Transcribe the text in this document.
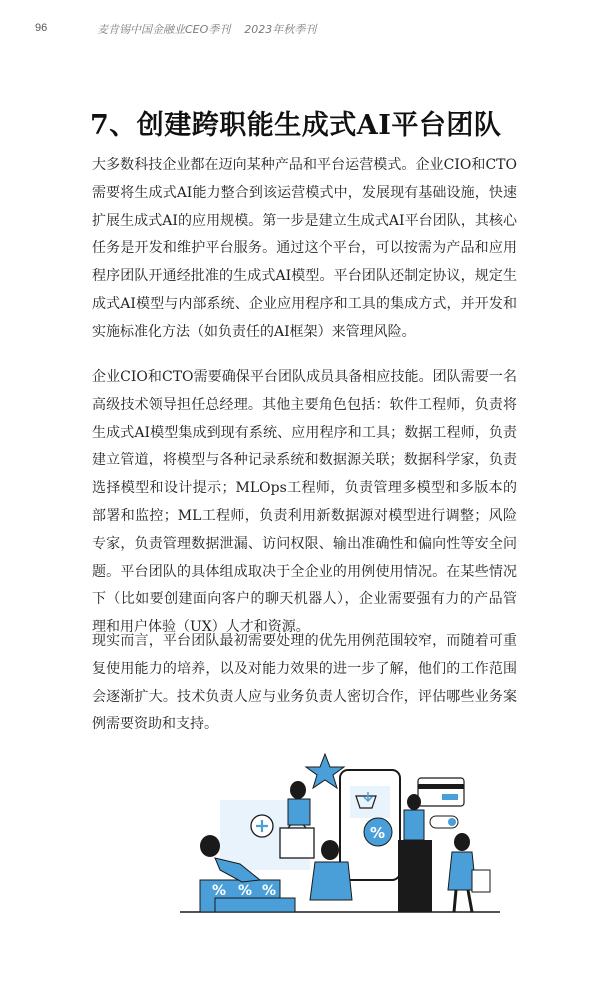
96	麦肯锡中国金融业CEO季刊 2023年秋季刊
7、创建跨职能生成式AI平台团队

大多数科技企业都在迈向某种产品和平台运营模式。企业CIO和CTO需要将生成式AI能力整合到该运营模式中，发展现有基础设施，快速扩展生成式AI的应用规模。第一步是建立生成式AI平台团队，其核心任务是开发和维护平台服务。通过这个平台，可以按需为产品和应用程序团队开通经批准的生成式AI模型。平台团队还制定协议，规定生成式AI模型与内部系统、企业应用程序和工具的集成方式，并开发和实施标准化方法（如负责任的AI框架）来管理风险。

企业CIO和CTO需要确保平台团队成员具备相应技能。团队需要一名高级技术领导担任总经理。其他主要角色包括：软件工程师，负责将生成式AI模型集成到现有系统、应用程序和工具；数据工程师，负责建立管道，将模型与各种记录系统和数据源关联；数据科学家，负责选择模型和设计提示；MLOps工程师，负责管理多模型和多版本的部署和监控；ML工程师，负责利用新数据源对模型进行调整；风险专家，负责管理数据泄漏、访问权限、输出准确性和偏向性等安全问题。平台团队的具体组成取决于全企业的用例使用情况。在某些情况下（比如要创建面向客户的聊天机器人），企业需要强有力的产品管理和用户体验（UX）人才和资源。

现实而言，平台团队最初需要处理的优先用例范围较窄，而随着可重复使用能力的培养，以及对能力效果的进一步了解，他们的工作范围会逐渐扩大。技术负责人应与业务负责人密切合作，评估哪些业务案例需要资助和支持。

% % %
%
